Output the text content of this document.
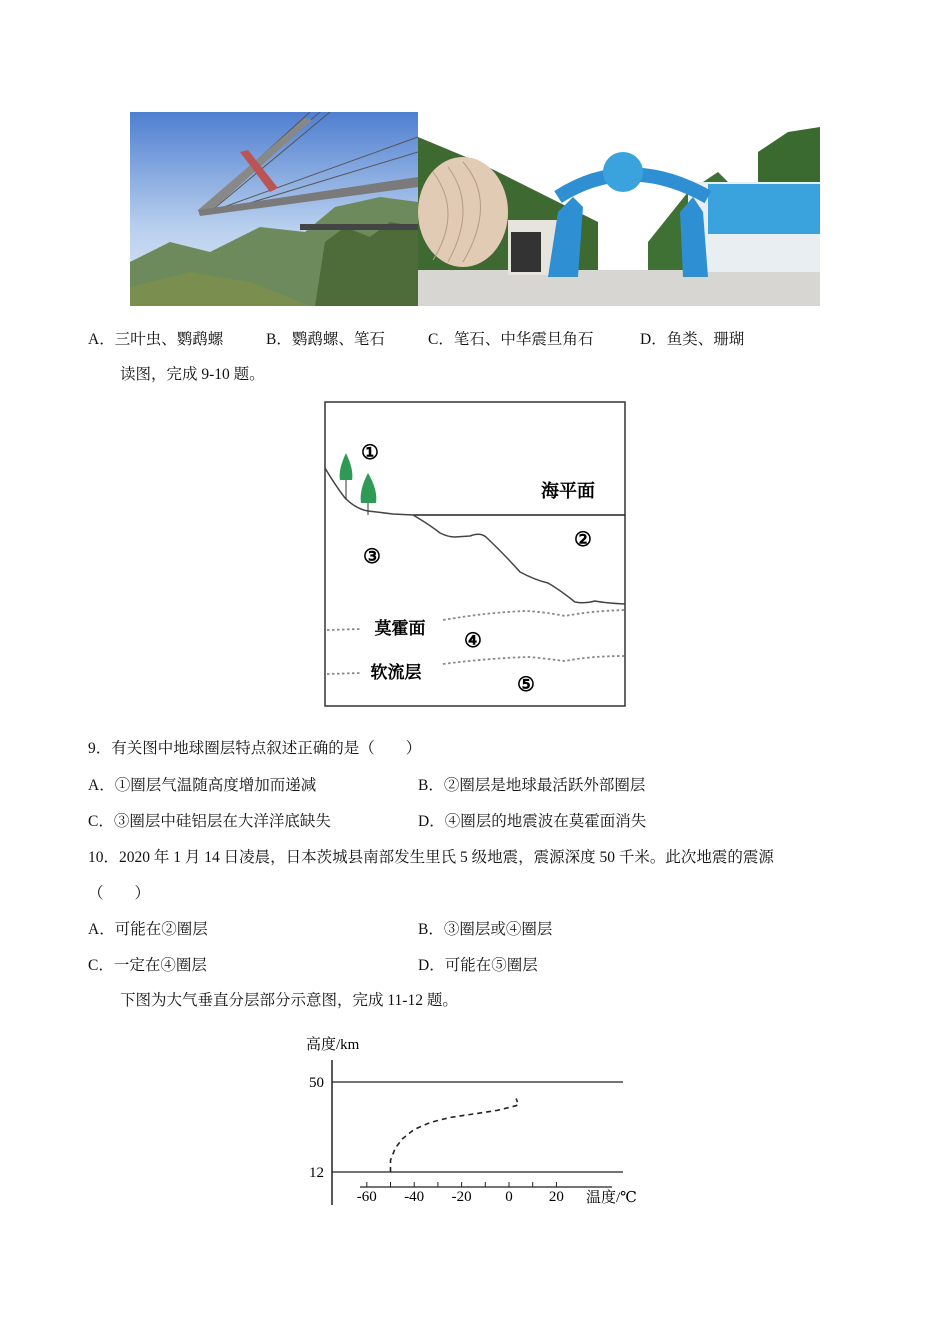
A．三叶虫、鹦鹉螺	B．鹦鹉螺、笔石	C．笔石、中华震旦角石	D．鱼类、珊瑚
读图，完成 9-10 题。
海平面
莫霍面
软流层
①
②
③
④
⑤
9．有关图中地球圈层特点叙述正确的是（　　）
A．①圈层气温随高度增加而递减	B．②圈层是地球最活跃外部圈层
C．③圈层中硅铝层在大洋洋底缺失	D．④圈层的地震波在莫霍面消失
10．2020 年 1 月 14 日凌晨，日本茨城县南部发生里氏 5 级地震，震源深度 50 千米。此次地震的震源
（　　）
A．可能在②圈层	B．③圈层或④圈层
C．一定在④圈层	D．可能在⑤圈层
下图为大气垂直分层部分示意图，完成 11-12 题。
高度/km
50
12
温度/℃
-60 -40 -20 0 20
